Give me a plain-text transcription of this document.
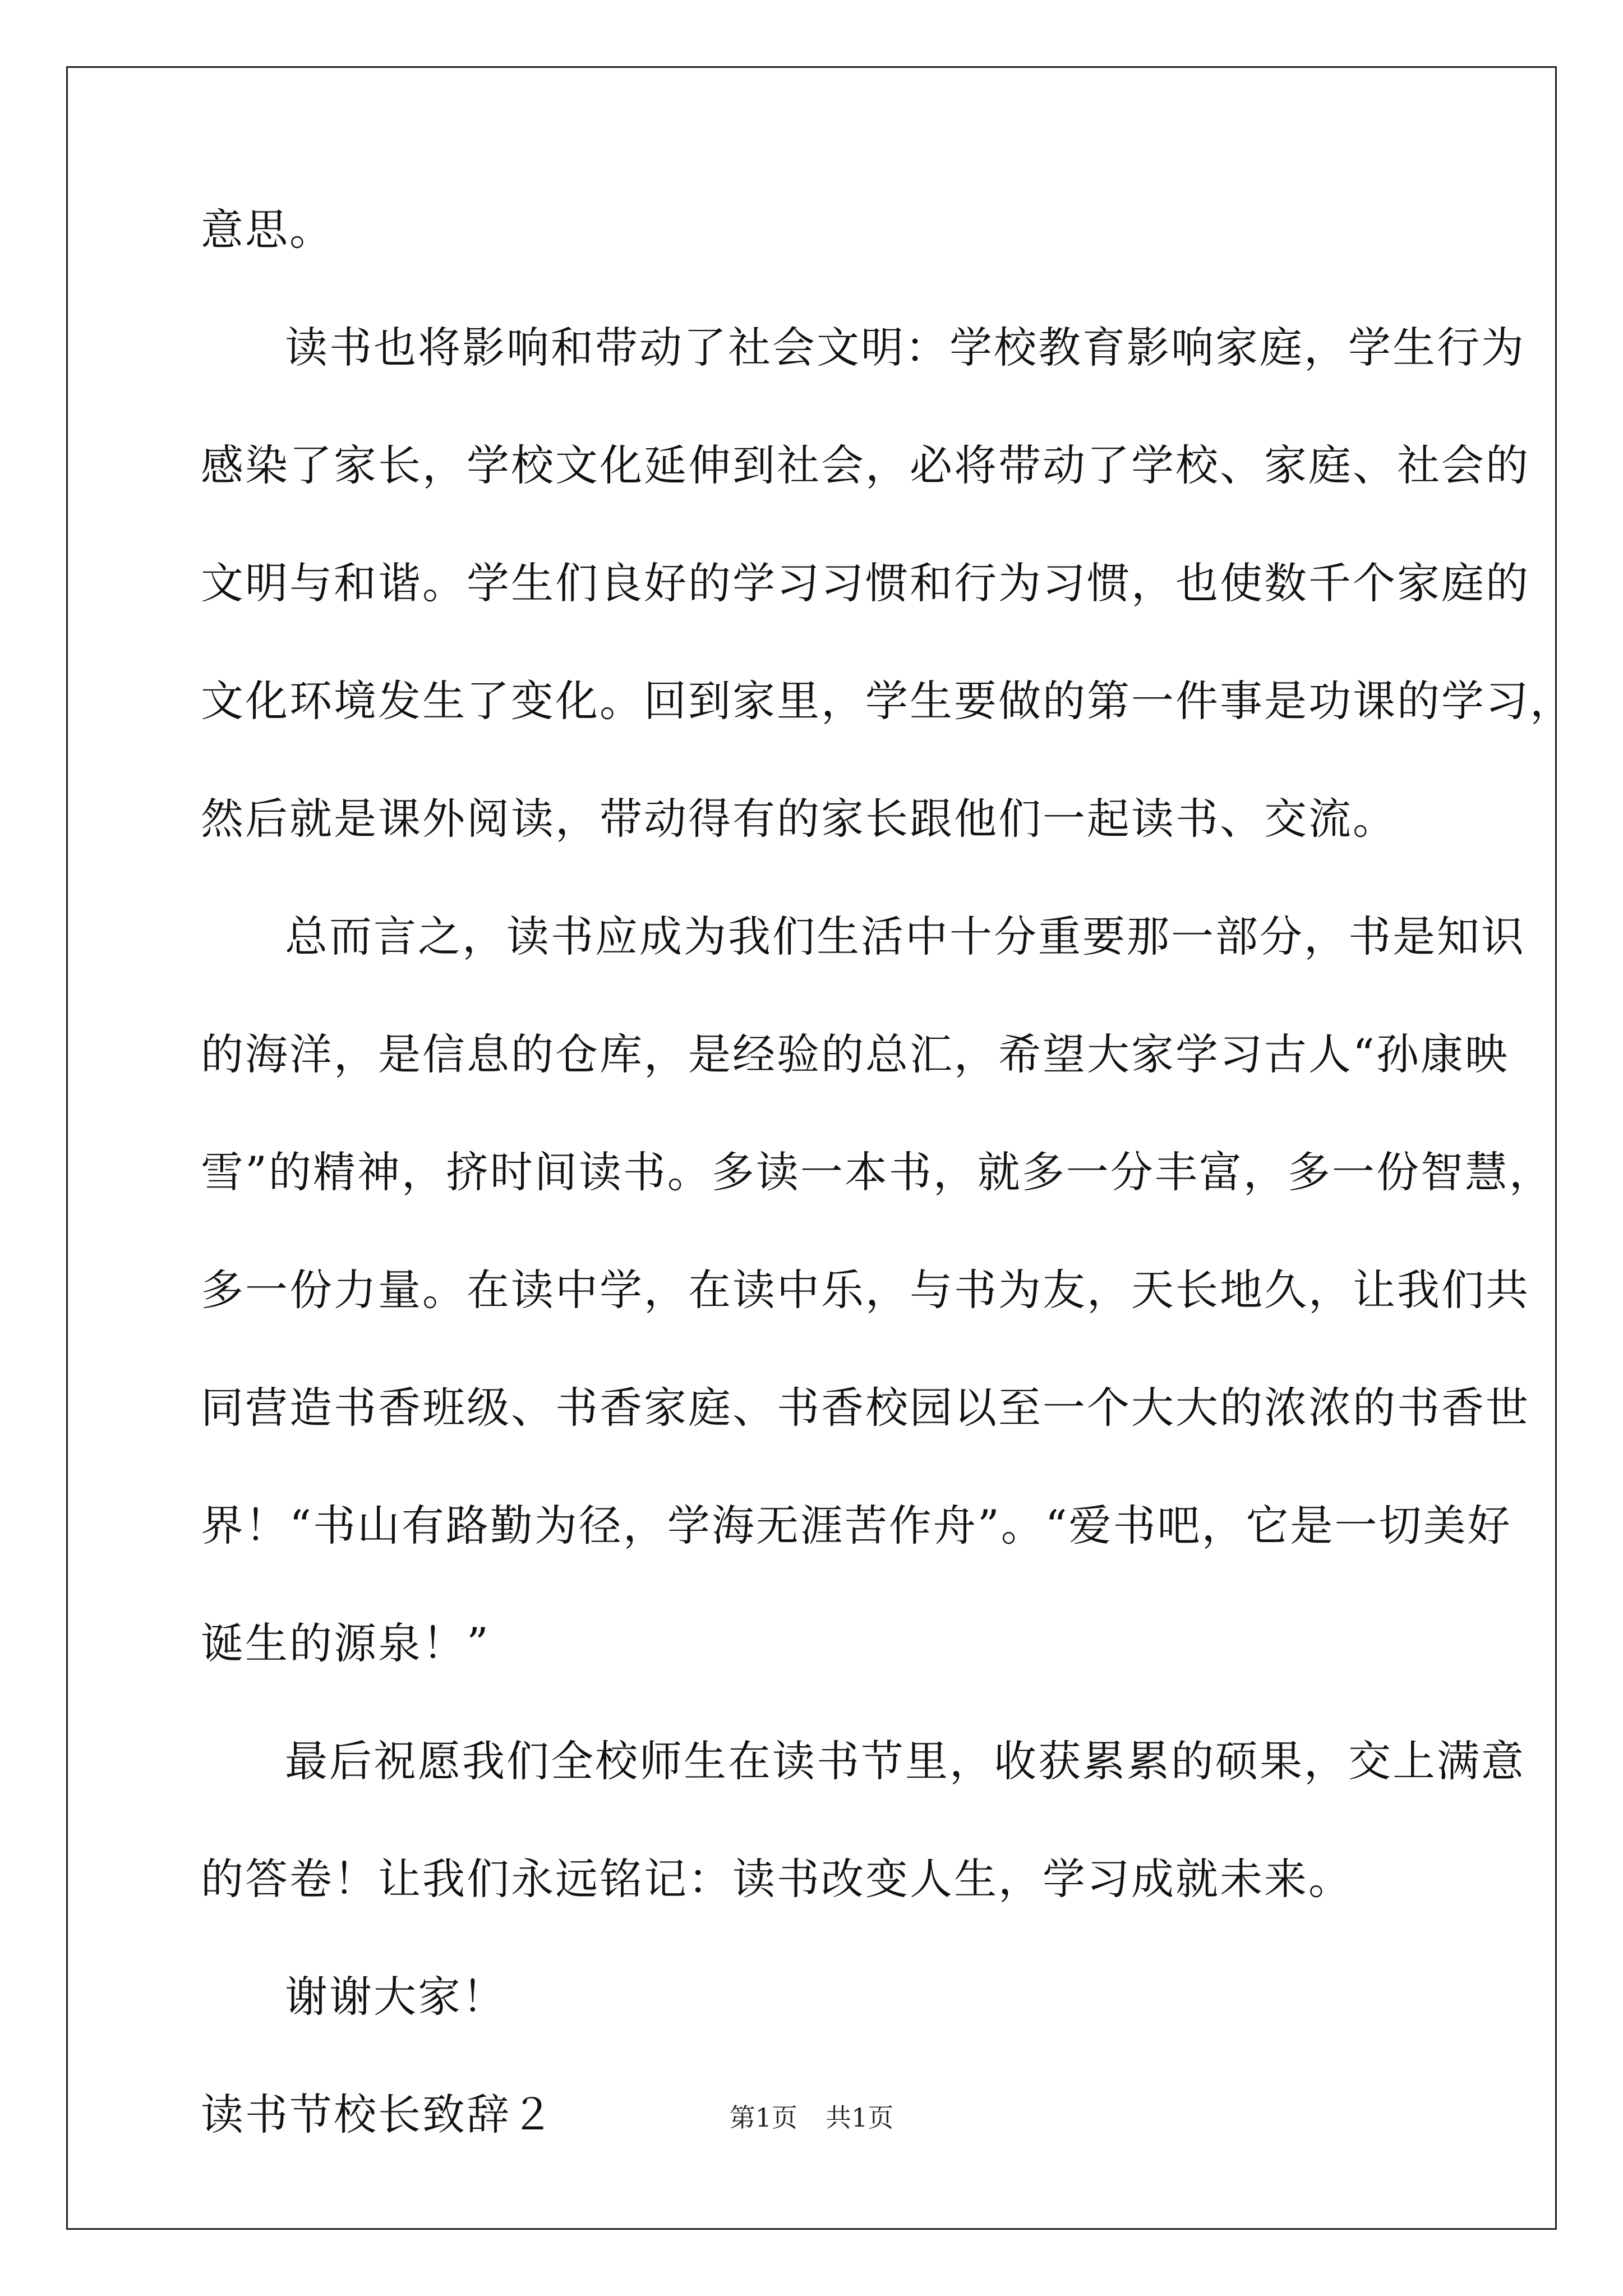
意思。
读书也将影响和带动了社会文明：学校教育影响家庭，学生行为
感染了家长，学校文化延伸到社会，必将带动了学校、家庭、社会的
文明与和谐。学生们良好的学习习惯和行为习惯，也使数千个家庭的
文化环境发生了变化。回到家里，学生要做的第一件事是功课的学习，
然后就是课外阅读，带动得有的家长跟他们一起读书、交流。
总而言之，读书应成为我们生活中十分重要那一部分，书是知识
的海洋，是信息的仓库，是经验的总汇，希望大家学习古人“孙康映
雪”的精神，挤时间读书。多读一本书，就多一分丰富，多一份智慧，
多一份力量。在读中学，在读中乐，与书为友，天长地久，让我们共
同营造书香班级、书香家庭、书香校园以至一个大大的浓浓的书香世
界！“书山有路勤为径，学海无涯苦作舟”。“爱书吧，它是一切美好
诞生的源泉！”
最后祝愿我们全校师生在读书节里，收获累累的硕果，交上满意
的答卷！让我们永远铭记：读书改变人生，学习成就未来。
谢谢大家！
读书节校长致辞２	第1页 共1页
